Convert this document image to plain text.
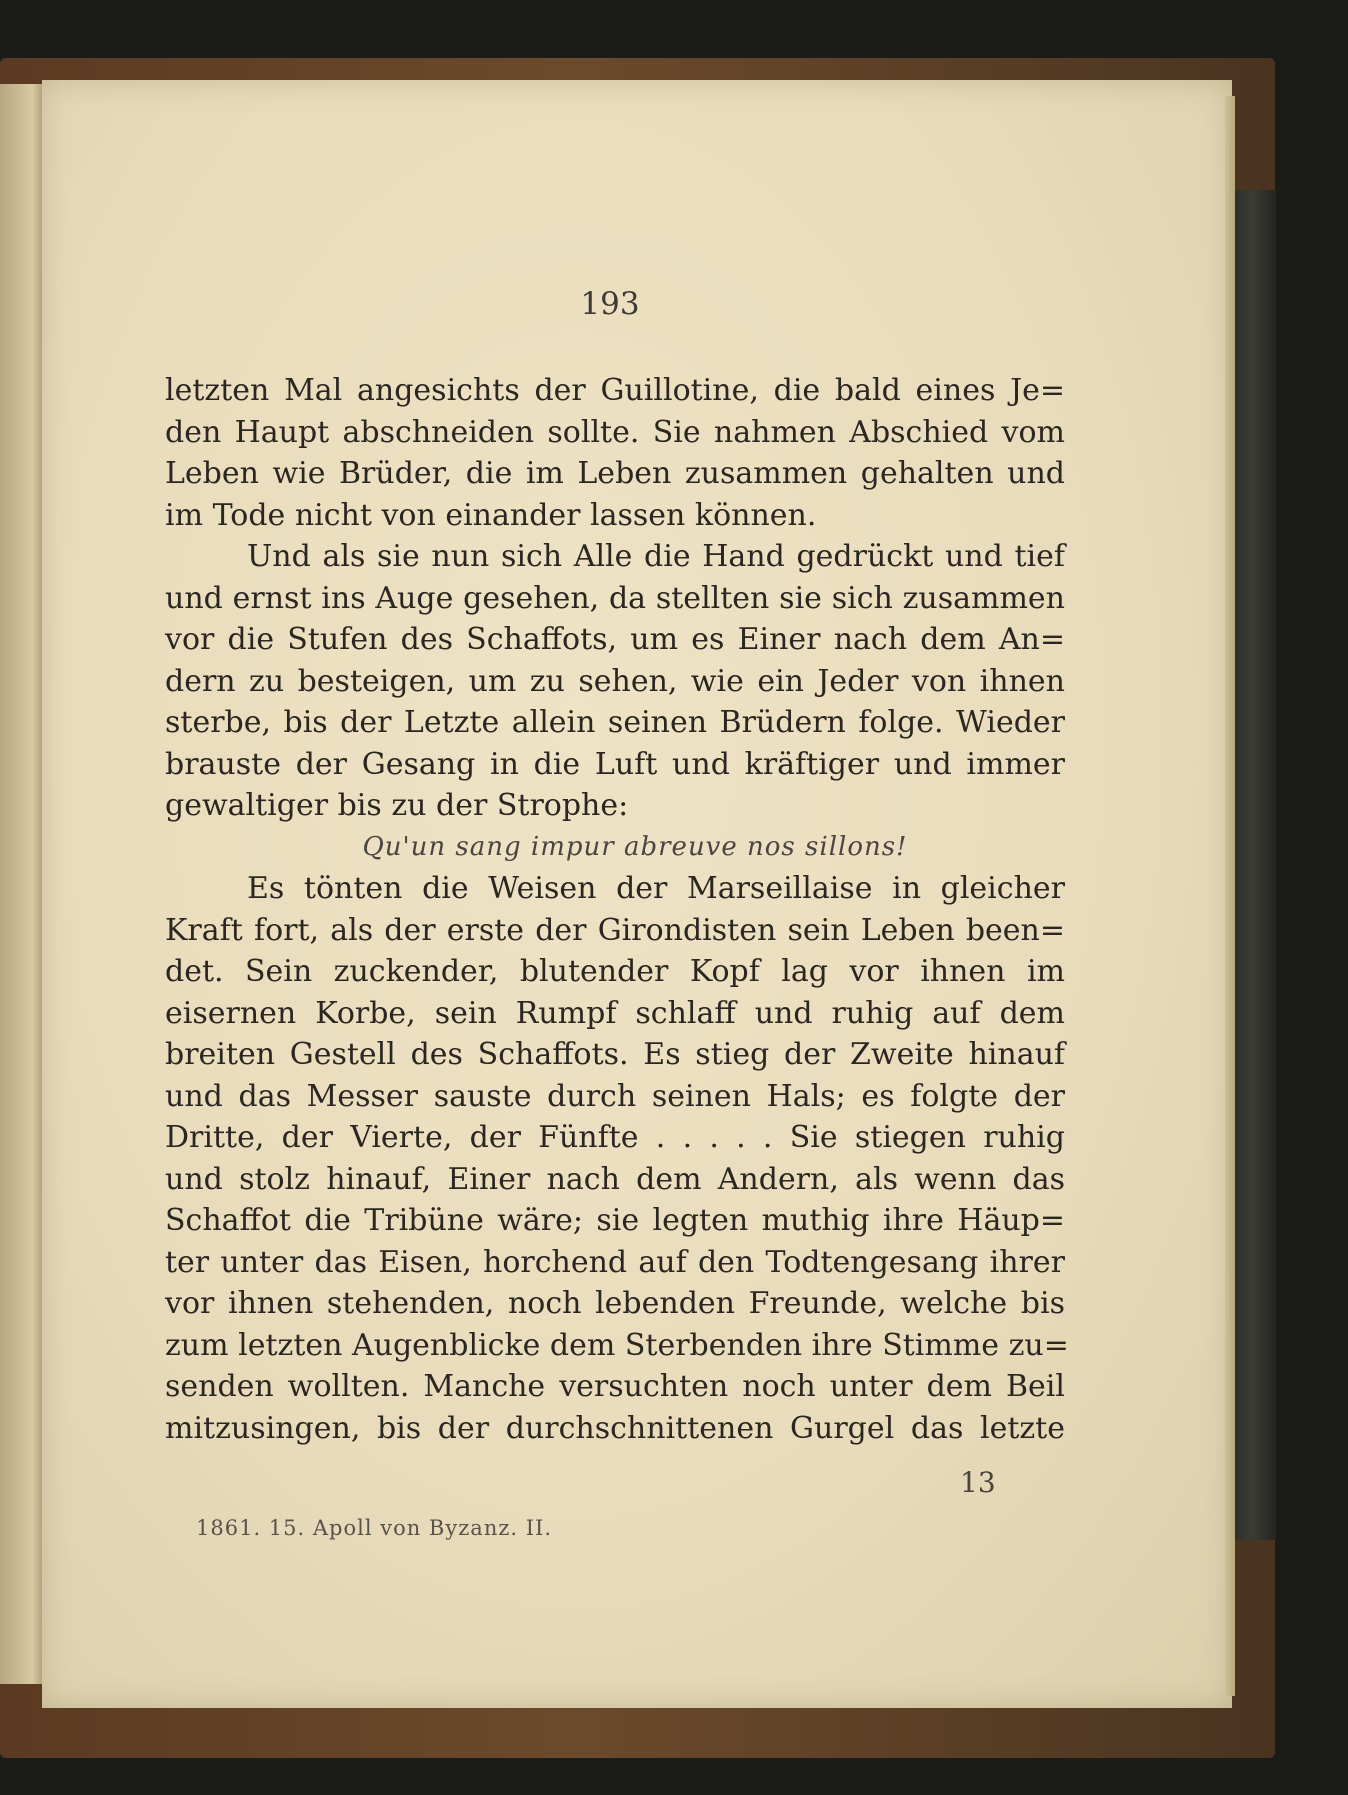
193
letzten Mal angesichts der Guillotine, die bald eines Je=
den Haupt abschneiden sollte. Sie nahmen Abschied vom
Leben wie Brüder, die im Leben zusammen gehalten und
im Tode nicht von einander lassen können.
Und als sie nun sich Alle die Hand gedrückt und tief
und ernst ins Auge gesehen, da stellten sie sich zusammen
vor die Stufen des Schaffots, um es Einer nach dem An=
dern zu besteigen, um zu sehen, wie ein Jeder von ihnen
sterbe, bis der Letzte allein seinen Brüdern folge. Wieder
brauste der Gesang in die Luft und kräftiger und immer
gewaltiger bis zu der Strophe:
Qu'un sang impur abreuve nos sillons!
Es tönten die Weisen der Marseillaise in gleicher
Kraft fort, als der erste der Girondisten sein Leben been=
det. Sein zuckender, blutender Kopf lag vor ihnen im
eisernen Korbe, sein Rumpf schlaff und ruhig auf dem
breiten Gestell des Schaffots. Es stieg der Zweite hinauf
und das Messer sauste durch seinen Hals; es folgte der
Dritte, der Vierte, der Fünfte . . . . . Sie stiegen ruhig
und stolz hinauf, Einer nach dem Andern, als wenn das
Schaffot die Tribüne wäre; sie legten muthig ihre Häup=
ter unter das Eisen, horchend auf den Todtengesang ihrer
vor ihnen stehenden, noch lebenden Freunde, welche bis
zum letzten Augenblicke dem Sterbenden ihre Stimme zu=
senden wollten. Manche versuchten noch unter dem Beil
mitzusingen, bis der durchschnittenen Gurgel das letzte
13
1861. 15. Apoll von Byzanz. II.
